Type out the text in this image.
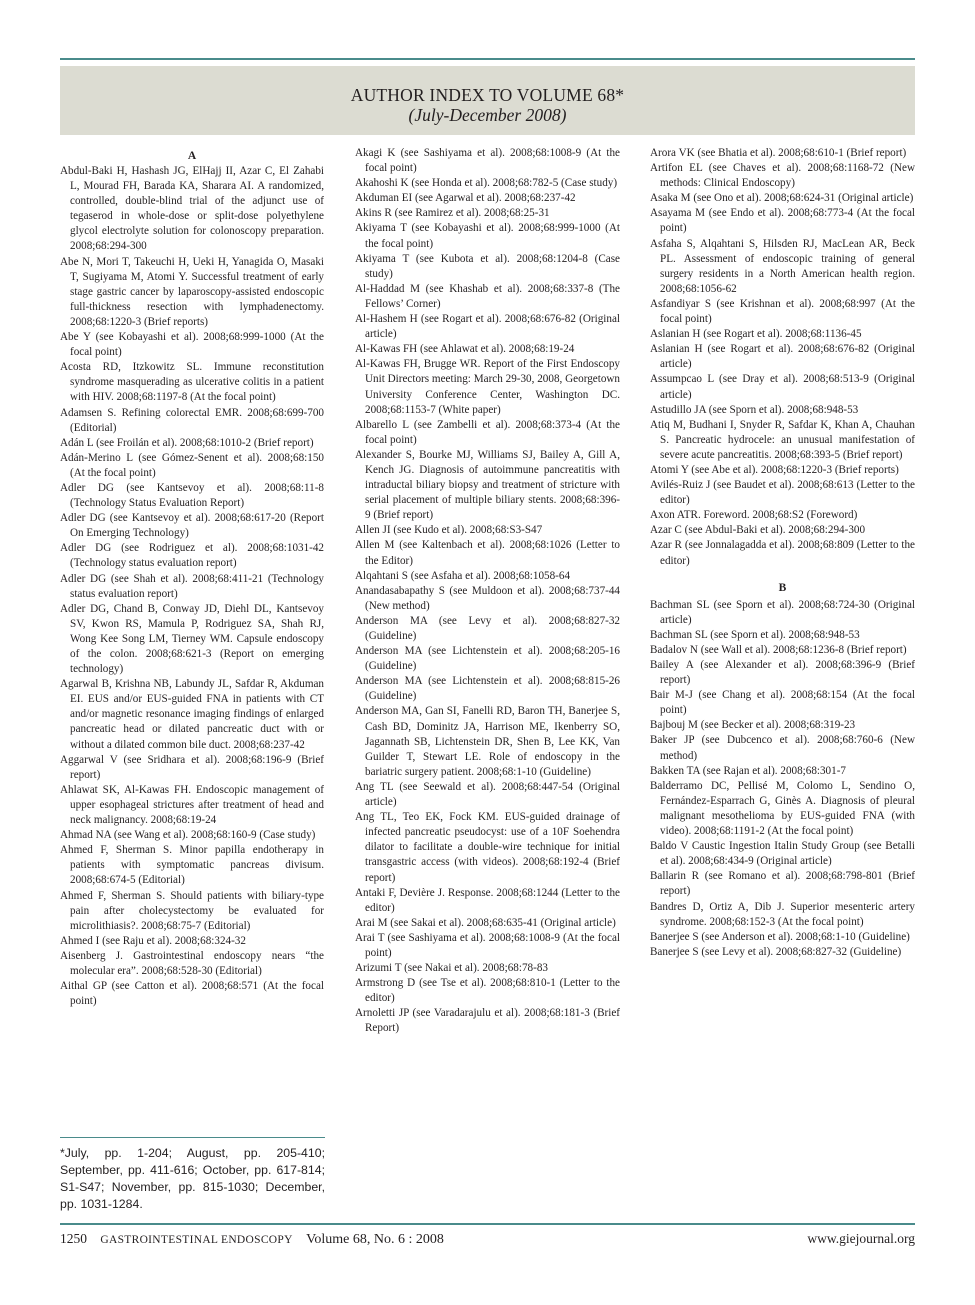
AUTHOR INDEX TO VOLUME 68*
(July-December 2008)
A

Abdul-Baki H, Hashash JG, ElHajj II, Azar C, El Zahabi L, Mourad FH, Barada KA, Sharara AI. A randomized, controlled, double-blind trial of the adjunct use of tegaserod in whole-dose or split-dose polyethylene glycol electrolyte solution for colonoscopy preparation. 2008;68:294-300

Abe N, Mori T, Takeuchi H, Ueki H, Yanagida O, Masaki T, Sugiyama M, Atomi Y. Successful treatment of early stage gastric cancer by laparoscopy-assisted endoscopic full-thickness resection with lymphadenectomy. 2008;68:1220-3 (Brief reports)

Abe Y (see Kobayashi et al). 2008;68:999-1000 (At the focal point)

Acosta RD, Itzkowitz SL. Immune reconstitution syndrome masquerading as ulcerative colitis in a patient with HIV. 2008;68:1197-8 (At the focal point)

Adamsen S. Refining colorectal EMR. 2008;68:699-700 (Editorial)

Adán L (see Froilán et al). 2008;68:1010-2 (Brief report)

Adán-Merino L (see Gómez-Senent et al). 2008;68:150 (At the focal point)

Adler DG (see Kantsevoy et al). 2008;68:11-8 (Technology Status Evaluation Report)

Adler DG (see Kantsevoy et al). 2008;68:617-20 (Report On Emerging Technology)

Adler DG (see Rodriguez et al). 2008;68:1031-42 (Technology status evaluation report)

Adler DG (see Shah et al). 2008;68:411-21 (Technology status evaluation report)

Adler DG, Chand B, Conway JD, Diehl DL, Kantsevoy SV, Kwon RS, Mamula P, Rodriguez SA, Shah RJ, Wong Kee Song LM, Tierney WM. Capsule endoscopy of the colon. 2008;68:621-3 (Report on emerging technology)

Agarwal B, Krishna NB, Labundy JL, Safdar R, Akduman EI. EUS and/or EUS-guided FNA in patients with CT and/or magnetic resonance imaging findings of enlarged pancreatic head or dilated pancreatic duct with or without a dilated common bile duct. 2008;68:237-42

Aggarwal V (see Sridhara et al). 2008;68:196-9 (Brief report)

Ahlawat SK, Al-Kawas FH. Endoscopic management of upper esophageal strictures after treatment of head and neck malignancy. 2008;68:19-24

Ahmad NA (see Wang et al). 2008;68:160-9 (Case study)

Ahmed F, Sherman S. Minor papilla endotherapy in patients with symptomatic pancreas divisum. 2008;68:674-5 (Editorial)

Ahmed F, Sherman S. Should patients with biliary-type pain after cholecystectomy be evaluated for microlithiasis?. 2008;68:75-7 (Editorial)

Ahmed I (see Raju et al). 2008;68:324-32

Aisenberg J. Gastrointestinal endoscopy nears “the molecular era”. 2008;68:528-30 (Editorial)

Aithal GP (see Catton et al). 2008;68:571 (At the focal point)

Akagi K (see Sashiyama et al). 2008;68:1008-9 (At the focal point)

Akahoshi K (see Honda et al). 2008;68:782-5 (Case study)

Akduman EI (see Agarwal et al). 2008;68:237-42

Akins R (see Ramirez et al). 2008;68:25-31

Akiyama T (see Kobayashi et al). 2008;68:999-1000 (At the focal point)

Akiyama T (see Kubota et al). 2008;68:1204-8 (Case study)

Al-Haddad M (see Khashab et al). 2008;68:337-8 (The Fellows’ Corner)

Al-Hashem H (see Rogart et al). 2008;68:676-82 (Original article)

Al-Kawas FH (see Ahlawat et al). 2008;68:19-24

Al-Kawas FH, Brugge WR. Report of the First Endoscopy Unit Directors meeting: March 29-30, 2008, Georgetown University Conference Center, Washington DC. 2008;68:1153-7 (White paper)

Albarello L (see Zambelli et al). 2008;68:373-4 (At the focal point)

Alexander S, Bourke MJ, Williams SJ, Bailey A, Gill A, Kench JG. Diagnosis of autoimmune pancreatitis with intraductal biliary biopsy and treatment of stricture with serial placement of multiple biliary stents. 2008;68:396-9 (Brief report)

Allen JI (see Kudo et al). 2008;68:S3-S47

Allen M (see Kaltenbach et al). 2008;68:1026 (Letter to the Editor)

Alqahtani S (see Asfaha et al). 2008;68:1058-64

Anandasabapathy S (see Muldoon et al). 2008;68:737-44 (New method)

Anderson MA (see Levy et al). 2008;68:827-32 (Guideline)

Anderson MA (see Lichtenstein et al). 2008;68:205-16 (Guideline)

Anderson MA (see Lichtenstein et al). 2008;68:815-26 (Guideline)

Anderson MA, Gan SI, Fanelli RD, Baron TH, Banerjee S, Cash BD, Dominitz JA, Harrison ME, Ikenberry SO, Jagannath SB, Lichtenstein DR, Shen B, Lee KK, Van Guilder T, Stewart LE. Role of endoscopy in the bariatric surgery patient. 2008;68:1-10 (Guideline)

Ang TL (see Seewald et al). 2008;68:447-54 (Original article)

Ang TL, Teo EK, Fock KM. EUS-guided drainage of infected pancreatic pseudocyst: use of a 10F Soehendra dilator to facilitate a double-wire technique for initial transgastric access (with videos). 2008;68:192-4 (Brief report)

Antaki F, Devière J. Response. 2008;68:1244 (Letter to the editor)

Arai M (see Sakai et al). 2008;68:635-41 (Original article)

Arai T (see Sashiyama et al). 2008;68:1008-9 (At the focal point)

Arizumi T (see Nakai et al). 2008;68:78-83

Armstrong D (see Tse et al). 2008;68:810-1 (Letter to the editor)

Arnoletti JP (see Varadarajulu et al). 2008;68:181-3 (Brief Report)

Arora VK (see Bhatia et al). 2008;68:610-1 (Brief report)

Artifon EL (see Chaves et al). 2008;68:1168-72 (New methods: Clinical Endoscopy)

Asaka M (see Ono et al). 2008;68:624-31 (Original article)

Asayama M (see Endo et al). 2008;68:773-4 (At the focal point)

Asfaha S, Alqahtani S, Hilsden RJ, MacLean AR, Beck PL. Assessment of endoscopic training of general surgery residents in a North American health region. 2008;68:1056-62

Asfandiyar S (see Krishnan et al). 2008;68:997 (At the focal point)

Aslanian H (see Rogart et al). 2008;68:1136-45

Aslanian H (see Rogart et al). 2008;68:676-82 (Original article)

Assumpcao L (see Dray et al). 2008;68:513-9 (Original article)

Astudillo JA (see Sporn et al). 2008;68:948-53

Atiq M, Budhani I, Snyder R, Safdar K, Khan A, Chauhan S. Pancreatic hydrocele: an unusual manifestation of severe acute pancreatitis. 2008;68:393-5 (Brief report)

Atomi Y (see Abe et al). 2008;68:1220-3 (Brief reports)

Avilés-Ruiz J (see Baudet et al). 2008;68:613 (Letter to the editor)

Axon ATR. Foreword. 2008;68:S2 (Foreword)

Azar C (see Abdul-Baki et al). 2008;68:294-300

Azar R (see Jonnalagadda et al). 2008;68:809 (Letter to the editor)

B

Bachman SL (see Sporn et al). 2008;68:724-30 (Original article)

Bachman SL (see Sporn et al). 2008;68:948-53

Badalov N (see Wall et al). 2008;68:1236-8 (Brief report)

Bailey A (see Alexander et al). 2008;68:396-9 (Brief report)

Bair M-J (see Chang et al). 2008;68:154 (At the focal point)

Bajbouj M (see Becker et al). 2008;68:319-23

Baker JP (see Dubcenco et al). 2008;68:760-6 (New method)

Bakken TA (see Rajan et al). 2008;68:301-7

Balderramo DC, Pellisé M, Colomo L, Sendino O, Fernández-Esparrach G, Ginès A. Diagnosis of pleural malignant mesothelioma by EUS-guided FNA (with video). 2008;68:1191-2 (At the focal point)

Baldo V Caustic Ingestion Italin Study Group (see Betalli et al). 2008;68:434-9 (Original article)

Ballarin R (see Romano et al). 2008;68:798-801 (Brief report)

Bandres D, Ortiz A, Dib J. Superior mesenteric artery syndrome. 2008;68:152-3 (At the focal point)

Banerjee S (see Anderson et al). 2008;68:1-10 (Guideline)

Banerjee S (see Levy et al). 2008;68:827-32 (Guideline)

*July, pp. 1-204; August, pp. 205-410; September, pp. 411-616; October, pp. 617-814; S1-S47; November, pp. 815-1030; December, pp. 1031-1284.
1250 GASTROINTESTINAL ENDOSCOPY Volume 68, No. 6 : 2008	www.giejournal.org
